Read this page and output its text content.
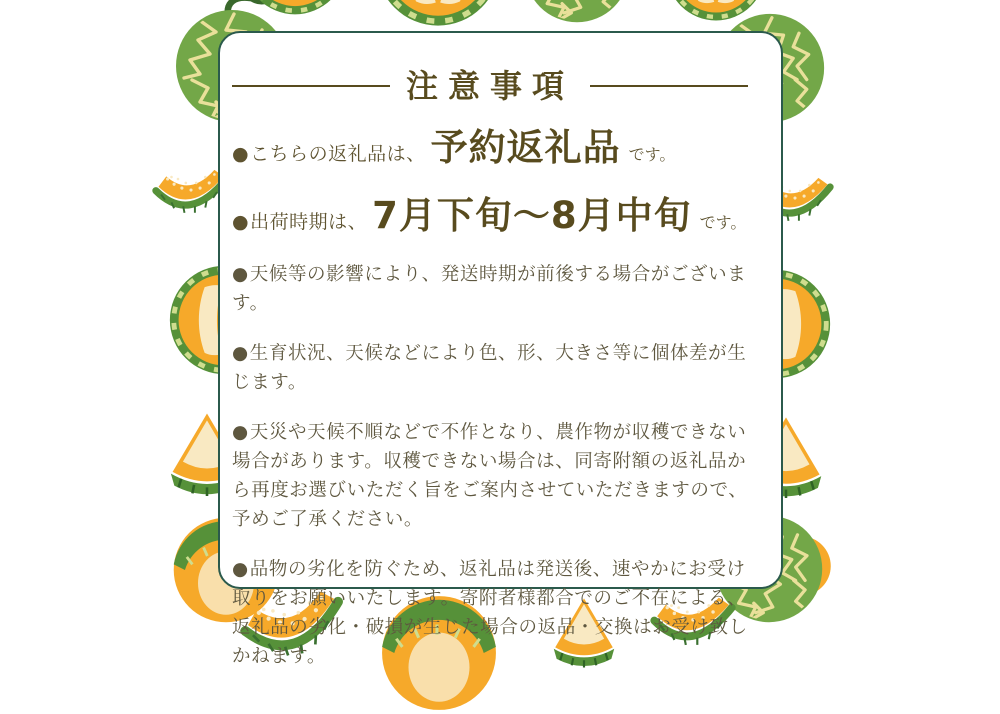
注意事項
● こちらの返礼品は、 予約返礼品 です。
● 出荷時期は、 7月下旬〜8月中旬 です。

●天候等の影響により、発送時期が前後する場合がございます。

●生育状況、天候などにより色、形、大きさ等に個体差が生じます。

●天災や天候不順などで不作となり、農作物が収穫できない場合があります。収穫できない場合は、同寄附額の返礼品から再度お選びいただく旨をご案内させていただきますので、予めご了承ください。

●品物の劣化を防ぐため、返礼品は発送後、速やかにお受け取りをお願いいたします。寄附者様都合でのご不在による、返礼品の劣化・破損が生じた場合の返品・交換はお受け致しかねます。
